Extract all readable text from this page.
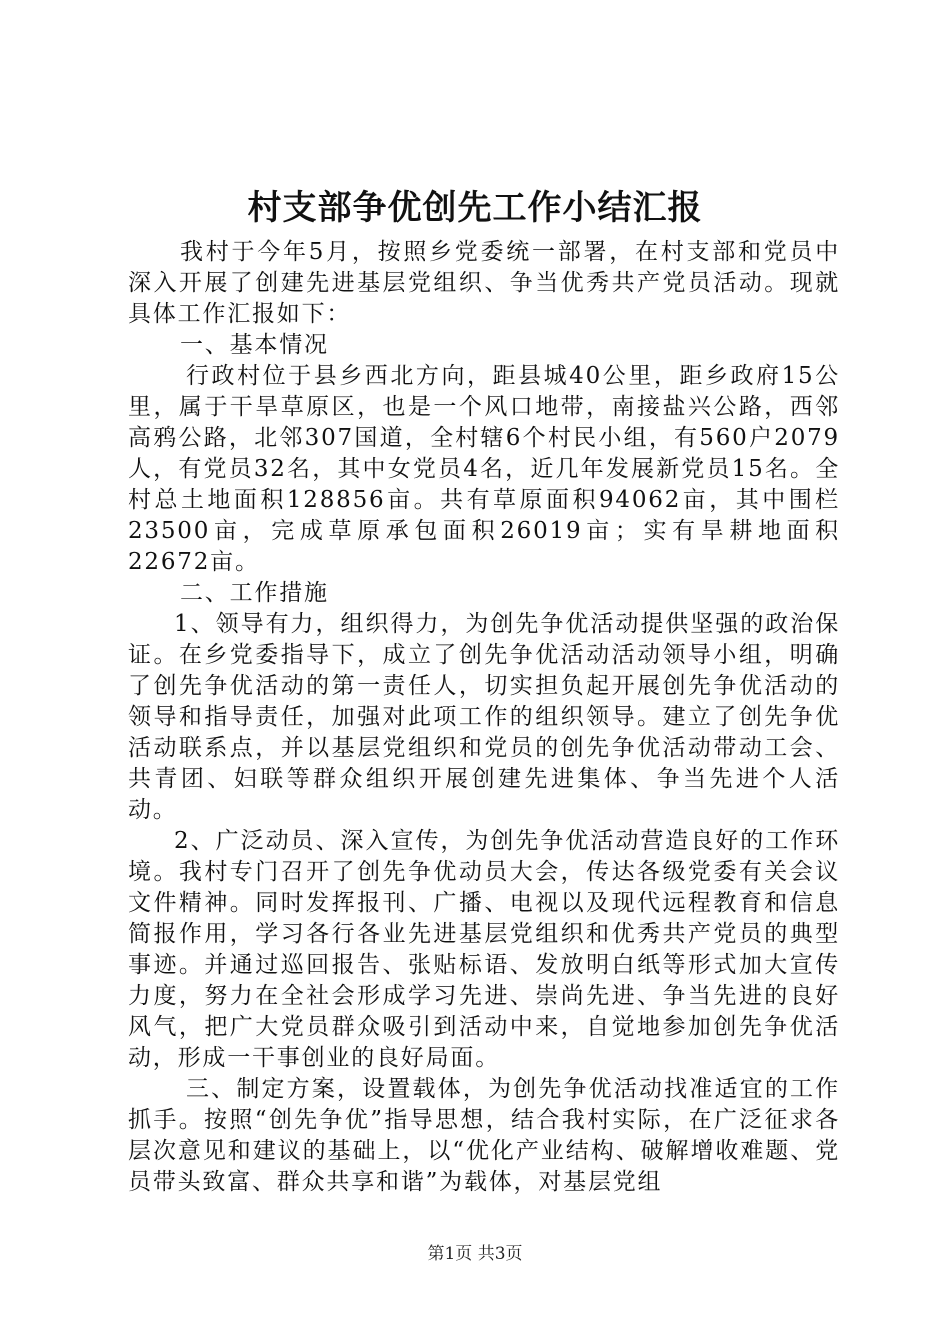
村支部争优创先工作小结汇报

我村于今年5月，按照乡党委统一部署，在村支部和党员中深入开展了创建先进基层党组织、争当优秀共产党员活动。现就具体工作汇报如下：

一、基本情况

行政村位于县乡西北方向，距县城40公里，距乡政府15公里，属于干旱草原区，也是一个风口地带，南接盐兴公路，西邻高鸦公路，北邻307国道，全村辖6个村民小组，有560户2079人，有党员32名，其中女党员4名，近几年发展新党员15名。全村总土地面积128856亩。共有草原面积94062亩，其中围栏23500亩，完成草原承包面积26019亩；实有旱耕地面积22672亩。

二、工作措施

1、领导有力，组织得力，为创先争优活动提供坚强的政治保证。在乡党委指导下，成立了创先争优活动活动领导小组，明确了创先争优活动的第一责任人，切实担负起开展创先争优活动的领导和指导责任，加强对此项工作的组织领导。建立了创先争优活动联系点，并以基层党组织和党员的创先争优活动带动工会、共青团、妇联等群众组织开展创建先进集体、争当先进个人活动。

2、广泛动员、深入宣传，为创先争优活动营造良好的工作环境。我村专门召开了创先争优动员大会，传达各级党委有关会议文件精神。同时发挥报刊、广播、电视以及现代远程教育和信息简报作用，学习各行各业先进基层党组织和优秀共产党员的典型事迹。并通过巡回报告、张贴标语、发放明白纸等形式加大宣传力度，努力在全社会形成学习先进、崇尚先进、争当先进的良好风气，把广大党员群众吸引到活动中来，自觉地参加创先争优活动，形成一干事创业的良好局面。

三、制定方案，设置载体，为创先争优活动找准适宜的工作抓手。按照“创先争优”指导思想，结合我村实际，在广泛征求各层次意见和建议的基础上，以“优化产业结构、破解增收难题、党员带头致富、群众共享和谐”为载体，对基层党组

第1页 共3页
